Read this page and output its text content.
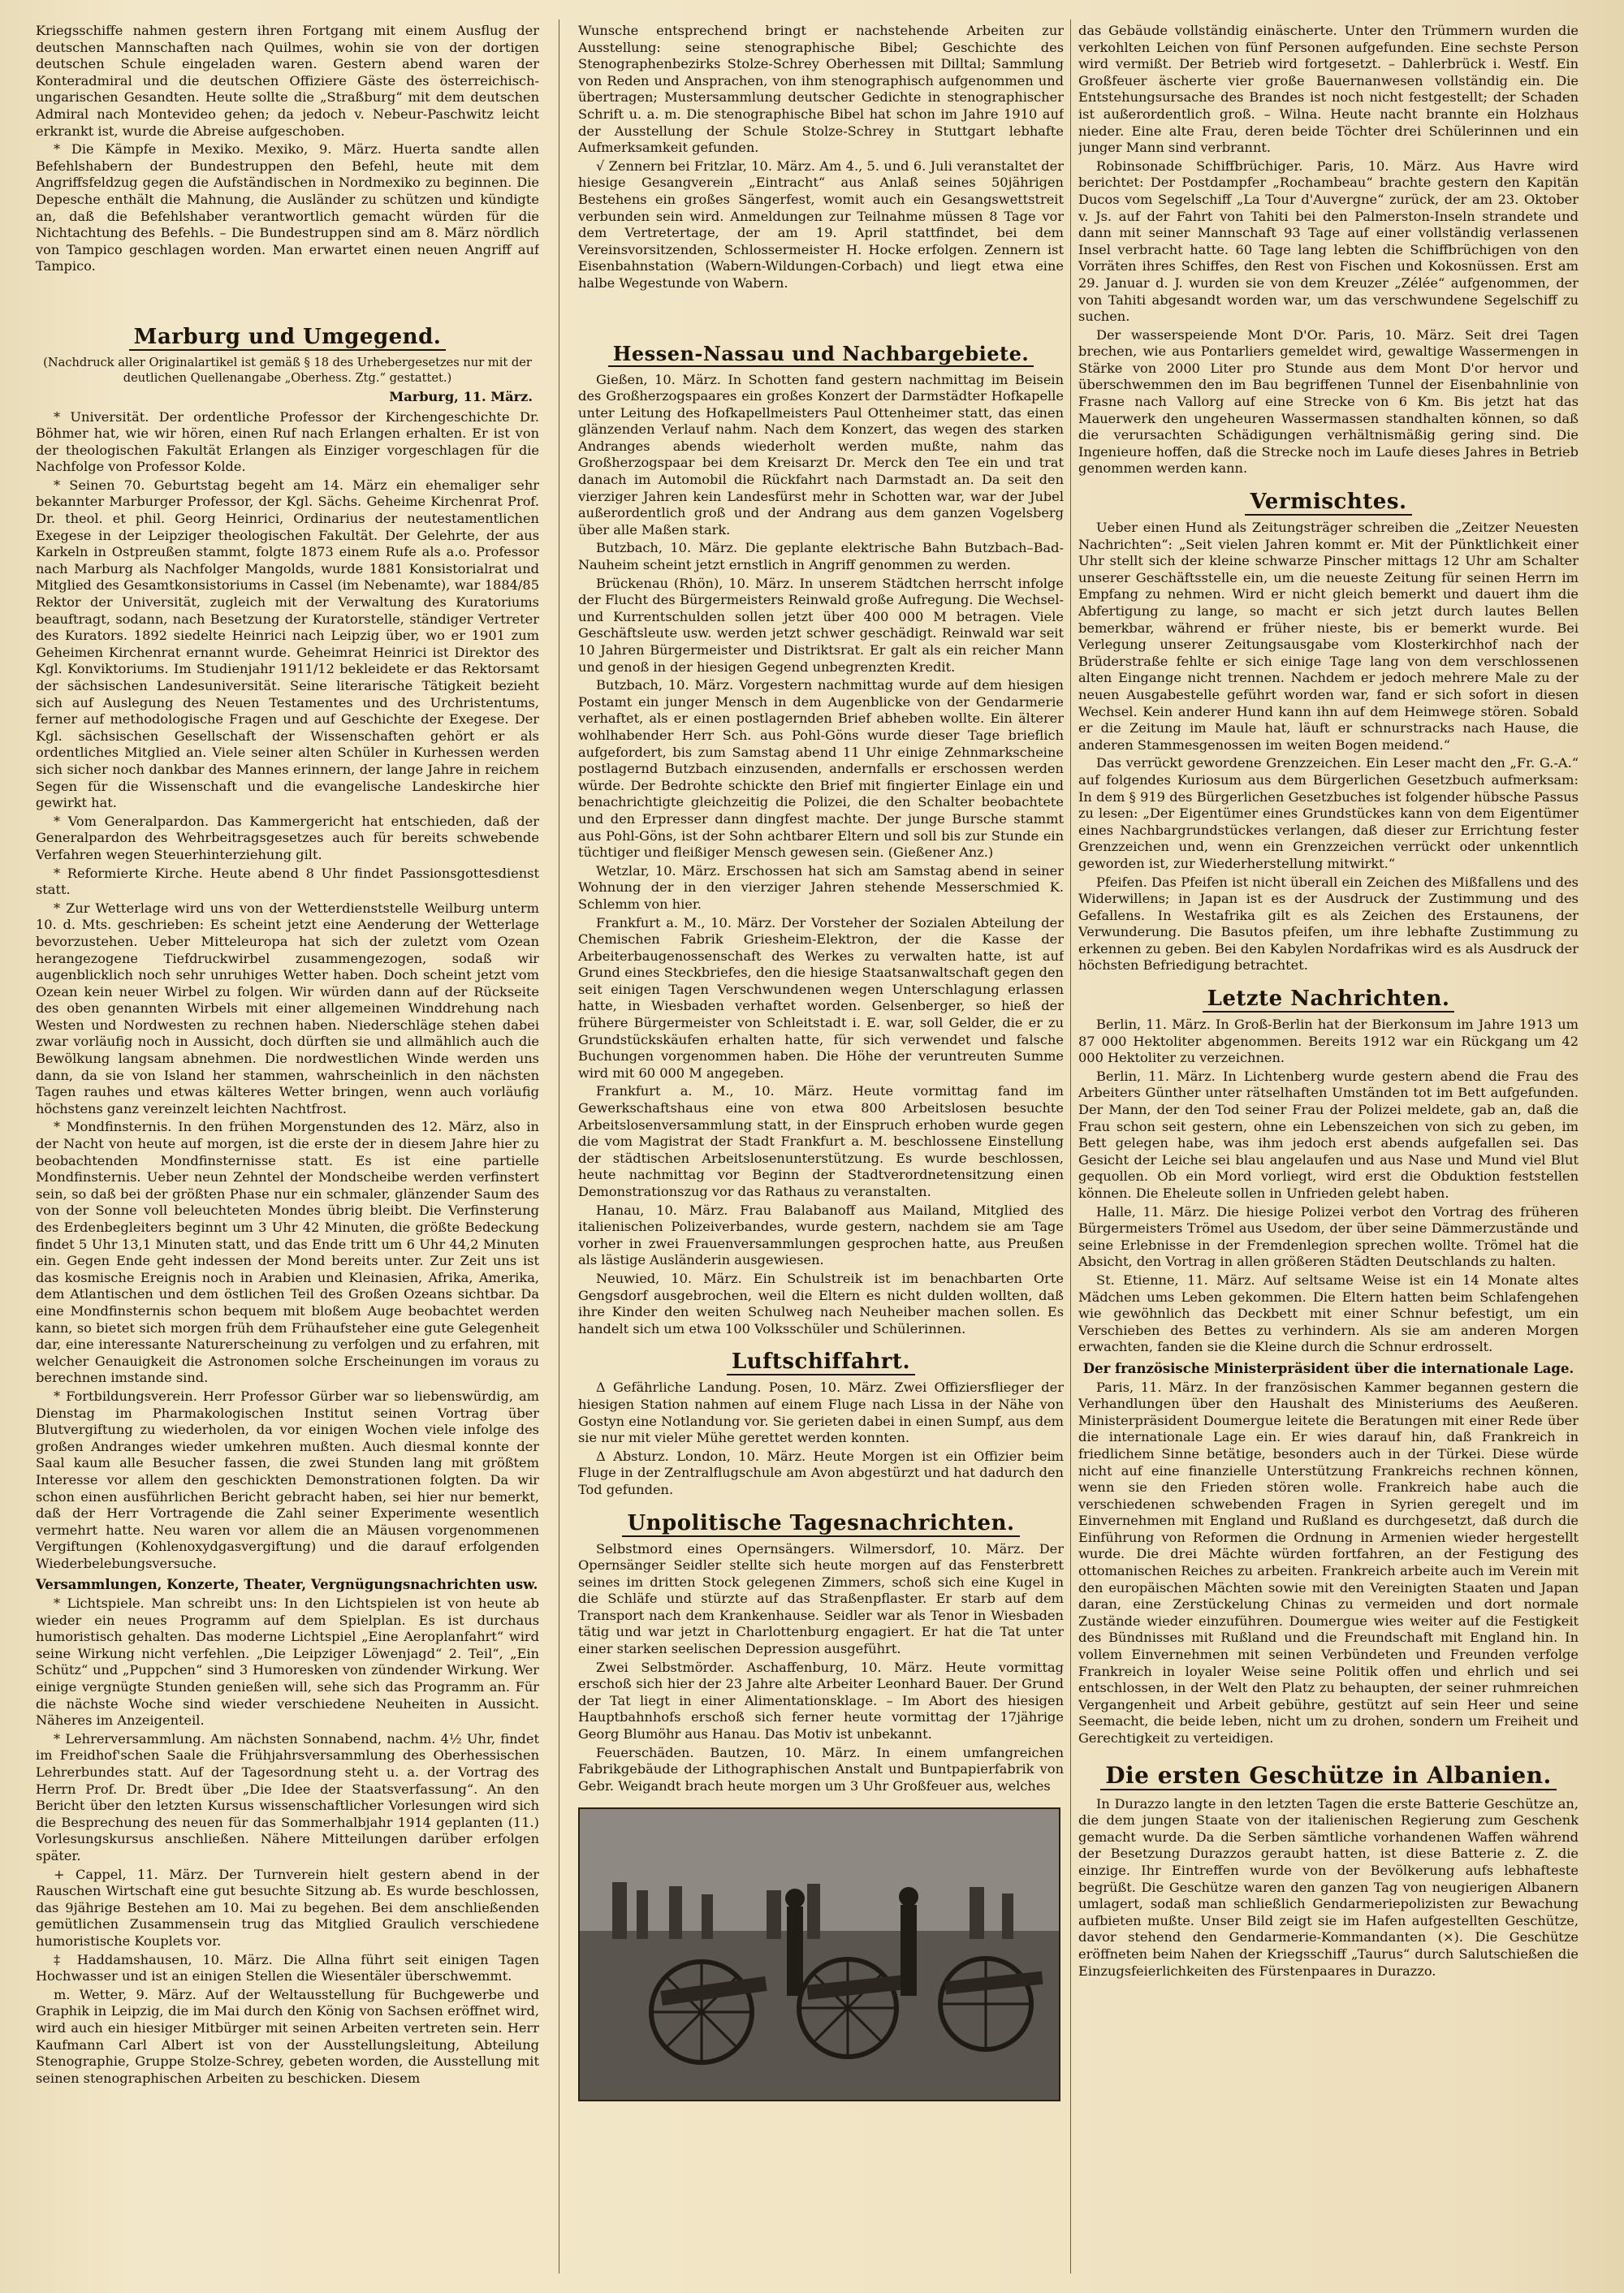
Kriegsschiffe nahmen gestern ihren Fortgang mit einem Ausflug der deutschen Mannschaften nach Quilmes, wohin sie von der dortigen deutschen Schule eingeladen waren. Gestern abend waren der Konteradmiral und die deutschen Offiziere Gäste des österreichisch-ungarischen Gesandten. Heute sollte die „Straßburg“ mit dem deutschen Admiral nach Montevideo gehen; da jedoch v. Nebeur-Paschwitz leicht erkrankt ist, wurde die Abreise aufgeschoben.

* Die Kämpfe in Mexiko. Mexiko, 9. März. Huerta sandte allen Befehlshabern der Bundestruppen den Befehl, heute mit dem Angriffsfeldzug gegen die Aufständischen in Nordmexiko zu beginnen. Die Depesche enthält die Mahnung, die Ausländer zu schützen und kündigte an, daß die Befehlshaber verantwortlich gemacht würden für die Nichtachtung des Befehls. – Die Bundestruppen sind am 8. März nördlich von Tampico geschlagen worden. Man erwartet einen neuen Angriff auf Tampico.

Marburg und Umgegend.

(Nachdruck aller Originalartikel ist gemäß § 18 des Urhebergesetzes nur mit der deutlichen Quellenangabe „Oberhess. Ztg.“ gestattet.)

Marburg, 11. März.

* Universität. Der ordentliche Professor der Kirchengeschichte Dr. Böhmer hat, wie wir hören, einen Ruf nach Erlangen erhalten. Er ist von der theologischen Fakultät Erlangen als Einziger vorgeschlagen für die Nachfolge von Professor Kolde.

* Seinen 70. Geburtstag begeht am 14. März ein ehemaliger sehr bekannter Marburger Professor, der Kgl. Sächs. Geheime Kirchenrat Prof. Dr. theol. et phil. Georg Heinrici, Ordinarius der neutestamentlichen Exegese in der Leipziger theologischen Fakultät. Der Gelehrte, der aus Karkeln in Ostpreußen stammt, folgte 1873 einem Rufe als a.o. Professor nach Marburg als Nachfolger Mangolds, wurde 1881 Konsistorialrat und Mitglied des Gesamtkonsistoriums in Cassel (im Nebenamte), war 1884/85 Rektor der Universität, zugleich mit der Verwaltung des Kuratoriums beauftragt, sodann, nach Besetzung der Kuratorstelle, ständiger Vertreter des Kurators. 1892 siedelte Heinrici nach Leipzig über, wo er 1901 zum Geheimen Kirchenrat ernannt wurde. Geheimrat Heinrici ist Direktor des Kgl. Konviktoriums. Im Studienjahr 1911/12 bekleidete er das Rektorsamt der sächsischen Landesuniversität. Seine literarische Tätigkeit bezieht sich auf Auslegung des Neuen Testamentes und des Urchristentums, ferner auf methodologische Fragen und auf Geschichte der Exegese. Der Kgl. sächsischen Gesellschaft der Wissenschaften gehört er als ordentliches Mitglied an. Viele seiner alten Schüler in Kurhessen werden sich sicher noch dankbar des Mannes erinnern, der lange Jahre in reichem Segen für die Wissenschaft und die evangelische Landeskirche hier gewirkt hat.

* Vom Generalpardon. Das Kammergericht hat entschieden, daß der Generalpardon des Wehrbeitragsgesetzes auch für bereits schwebende Verfahren wegen Steuerhinterziehung gilt.

* Reformierte Kirche. Heute abend 8 Uhr findet Passionsgottesdienst statt.

* Zur Wetterlage wird uns von der Wetterdienststelle Weilburg unterm 10. d. Mts. geschrieben: Es scheint jetzt eine Aenderung der Wetterlage bevorzustehen. Ueber Mitteleuropa hat sich der zuletzt vom Ozean herangezogene Tiefdruckwirbel zusammengezogen, sodaß wir augenblicklich noch sehr unruhiges Wetter haben. Doch scheint jetzt vom Ozean kein neuer Wirbel zu folgen. Wir würden dann auf der Rückseite des oben genannten Wirbels mit einer allgemeinen Winddrehung nach Westen und Nordwesten zu rechnen haben. Niederschläge stehen dabei zwar vorläufig noch in Aussicht, doch dürften sie und allmählich auch die Bewölkung langsam abnehmen. Die nordwestlichen Winde werden uns dann, da sie von Island her stammen, wahrscheinlich in den nächsten Tagen rauhes und etwas kälteres Wetter bringen, wenn auch vorläufig höchstens ganz vereinzelt leichten Nachtfrost.

* Mondfinsternis. In den frühen Morgenstunden des 12. März, also in der Nacht von heute auf morgen, ist die erste der in diesem Jahre hier zu beobachtenden Mondfinsternisse statt. Es ist eine partielle Mondfinsternis. Ueber neun Zehntel der Mondscheibe werden verfinstert sein, so daß bei der größten Phase nur ein schmaler, glänzender Saum des von der Sonne voll beleuchteten Mondes übrig bleibt. Die Verfinsterung des Erdenbegleiters beginnt um 3 Uhr 42 Minuten, die größte Bedeckung findet 5 Uhr 13,1 Minuten statt, und das Ende tritt um 6 Uhr 44,2 Minuten ein. Gegen Ende geht indessen der Mond bereits unter. Zur Zeit uns ist das kosmische Ereignis noch in Arabien und Kleinasien, Afrika, Amerika, dem Atlantischen und dem östlichen Teil des Großen Ozeans sichtbar. Da eine Mondfinsternis schon bequem mit bloßem Auge beobachtet werden kann, so bietet sich morgen früh dem Frühaufsteher eine gute Gelegenheit dar, eine interessante Naturerscheinung zu verfolgen und zu erfahren, mit welcher Genauigkeit die Astronomen solche Erscheinungen im voraus zu berechnen imstande sind.

* Fortbildungsverein. Herr Professor Gürber war so liebenswürdig, am Dienstag im Pharmakologischen Institut seinen Vortrag über Blutvergiftung zu wiederholen, da vor einigen Wochen viele infolge des großen Andranges wieder umkehren mußten. Auch diesmal konnte der Saal kaum alle Besucher fassen, die zwei Stunden lang mit größtem Interesse vor allem den geschickten Demonstrationen folgten. Da wir schon einen ausführlichen Bericht gebracht haben, sei hier nur bemerkt, daß der Herr Vortragende die Zahl seiner Experimente wesentlich vermehrt hatte. Neu waren vor allem die an Mäusen vorgenommenen Vergiftungen (Kohlenoxydgasvergiftung) und die darauf erfolgenden Wiederbelebungsversuche.

Versammlungen, Konzerte, Theater, Vergnügungsnachrichten usw.

* Lichtspiele. Man schreibt uns: In den Lichtspielen ist von heute ab wieder ein neues Programm auf dem Spielplan. Es ist durchaus humoristisch gehalten. Das moderne Lichtspiel „Eine Aeroplanfahrt“ wird seine Wirkung nicht verfehlen. „Die Leipziger Löwenjagd“ 2. Teil“, „Ein Schütz“ und „Puppchen“ sind 3 Humoresken von zündender Wirkung. Wer einige vergnügte Stunden genießen will, sehe sich das Programm an. Für die nächste Woche sind wieder verschiedene Neuheiten in Aussicht. Näheres im Anzeigenteil.

* Lehrerversammlung. Am nächsten Sonnabend, nachm. 4½ Uhr, findet im Freidhof'schen Saale die Frühjahrsversammlung des Oberhessischen Lehrerbundes statt. Auf der Tagesordnung steht u. a. der Vortrag des Herrn Prof. Dr. Bredt über „Die Idee der Staatsverfassung“. An den Bericht über den letzten Kursus wissenschaftlicher Vorlesungen wird sich die Besprechung des neuen für das Sommerhalbjahr 1914 geplanten (11.) Vorlesungskursus anschließen. Nähere Mitteilungen darüber erfolgen später.

+ Cappel, 11. März. Der Turnverein hielt gestern abend in der Rauschen Wirtschaft eine gut besuchte Sitzung ab. Es wurde beschlossen, das 9jährige Bestehen am 10. Mai zu begehen. Bei dem anschließenden gemütlichen Zusammensein trug das Mitglied Graulich verschiedene humoristische Kouplets vor.

‡ Haddamshausen, 10. März. Die Allna führt seit einigen Tagen Hochwasser und ist an einigen Stellen die Wiesentäler überschwemmt.

m. Wetter, 9. März. Auf der Weltausstellung für Buchgewerbe und Graphik in Leipzig, die im Mai durch den König von Sachsen eröffnet wird, wird auch ein hiesiger Mitbürger mit seinen Arbeiten vertreten sein. Herr Kaufmann Carl Albert ist von der Ausstellungsleitung, Abteilung Stenographie, Gruppe Stolze-Schrey, gebeten worden, die Ausstellung mit seinen stenographischen Arbeiten zu beschicken. Diesem

Wunsche entsprechend bringt er nachstehende Arbeiten zur Ausstellung: seine stenographische Bibel; Geschichte des Stenographenbezirks Stolze-Schrey Oberhessen mit Dilltal; Sammlung von Reden und Ansprachen, von ihm stenographisch aufgenommen und übertragen; Mustersammlung deutscher Gedichte in stenographischer Schrift u. a. m. Die stenographische Bibel hat schon im Jahre 1910 auf der Ausstellung der Schule Stolze-Schrey in Stuttgart lebhafte Aufmerksamkeit gefunden.

√ Zennern bei Fritzlar, 10. März. Am 4., 5. und 6. Juli veranstaltet der hiesige Gesangverein „Eintracht“ aus Anlaß seines 50jährigen Bestehens ein großes Sängerfest, womit auch ein Gesangswettstreit verbunden sein wird. Anmeldungen zur Teilnahme müssen 8 Tage vor dem Vertretertage, der am 19. April stattfindet, bei dem Vereinsvorsitzenden, Schlossermeister H. Hocke erfolgen. Zennern ist Eisenbahnstation (Wabern-Wildungen-Corbach) und liegt etwa eine halbe Wegestunde von Wabern.

Hessen-Nassau und Nachbargebiete.

Gießen, 10. März. In Schotten fand gestern nachmittag im Beisein des Großherzogspaares ein großes Konzert der Darmstädter Hofkapelle unter Leitung des Hofkapellmeisters Paul Ottenheimer statt, das einen glänzenden Verlauf nahm. Nach dem Konzert, das wegen des starken Andranges abends wiederholt werden mußte, nahm das Großherzogspaar bei dem Kreisarzt Dr. Merck den Tee ein und trat danach im Automobil die Rückfahrt nach Darmstadt an. Da seit den vierziger Jahren kein Landesfürst mehr in Schotten war, war der Jubel außerordentlich groß und der Andrang aus dem ganzen Vogelsberg über alle Maßen stark.

Butzbach, 10. März. Die geplante elektrische Bahn Butzbach–Bad-Nauheim scheint jetzt ernstlich in Angriff genommen zu werden.

Brückenau (Rhön), 10. März. In unserem Städtchen herrscht infolge der Flucht des Bürgermeisters Reinwald große Aufregung. Die Wechsel- und Kurrentschulden sollen jetzt über 400 000 M betragen. Viele Geschäftsleute usw. werden jetzt schwer geschädigt. Reinwald war seit 10 Jahren Bürgermeister und Distriktsrat. Er galt als ein reicher Mann und genoß in der hiesigen Gegend unbegrenzten Kredit.

Butzbach, 10. März. Vorgestern nachmittag wurde auf dem hiesigen Postamt ein junger Mensch in dem Augenblicke von der Gendarmerie verhaftet, als er einen postlagernden Brief abheben wollte. Ein älterer wohlhabender Herr Sch. aus Pohl-Göns wurde dieser Tage brieflich aufgefordert, bis zum Samstag abend 11 Uhr einige Zehnmarkscheine postlagernd Butzbach einzusenden, andernfalls er erschossen werden würde. Der Bedrohte schickte den Brief mit fingierter Einlage ein und benachrichtigte gleichzeitig die Polizei, die den Schalter beobachtete und den Erpresser dann dingfest machte. Der junge Bursche stammt aus Pohl-Göns, ist der Sohn achtbarer Eltern und soll bis zur Stunde ein tüchtiger und fleißiger Mensch gewesen sein. (Gießener Anz.)

Wetzlar, 10. März. Erschossen hat sich am Samstag abend in seiner Wohnung der in den vierziger Jahren stehende Messerschmied K. Schlemm von hier.

Frankfurt a. M., 10. März. Der Vorsteher der Sozialen Abteilung der Chemischen Fabrik Griesheim-Elektron, der die Kasse der Arbeiterbaugenossenschaft des Werkes zu verwalten hatte, ist auf Grund eines Steckbriefes, den die hiesige Staatsanwaltschaft gegen den seit einigen Tagen Verschwundenen wegen Unterschlagung erlassen hatte, in Wiesbaden verhaftet worden. Gelsenberger, so hieß der frühere Bürgermeister von Schleitstadt i. E. war, soll Gelder, die er zu Grundstückskäufen erhalten hatte, für sich verwendet und falsche Buchungen vorgenommen haben. Die Höhe der veruntreuten Summe wird mit 60 000 M angegeben.

Frankfurt a. M., 10. März. Heute vormittag fand im Gewerkschaftshaus eine von etwa 800 Arbeitslosen besuchte Arbeitslosenversammlung statt, in der Einspruch erhoben wurde gegen die vom Magistrat der Stadt Frankfurt a. M. beschlossene Einstellung der städtischen Arbeitslosenunterstützung. Es wurde beschlossen, heute nachmittag vor Beginn der Stadtverordnetensitzung einen Demonstrationszug vor das Rathaus zu veranstalten.

Hanau, 10. März. Frau Balabanoff aus Mailand, Mitglied des italienischen Polizeiverbandes, wurde gestern, nachdem sie am Tage vorher in zwei Frauenversammlungen gesprochen hatte, aus Preußen als lästige Ausländerin ausgewiesen.

Neuwied, 10. März. Ein Schulstreik ist im benachbarten Orte Gengsdorf ausgebrochen, weil die Eltern es nicht dulden wollten, daß ihre Kinder den weiten Schulweg nach Neuheiber machen sollen. Es handelt sich um etwa 100 Volksschüler und Schülerinnen.

Luftschiffahrt.

Δ Gefährliche Landung. Posen, 10. März. Zwei Offiziersflieger der hiesigen Station nahmen auf einem Fluge nach Lissa in der Nähe von Gostyn eine Notlandung vor. Sie gerieten dabei in einen Sumpf, aus dem sie nur mit vieler Mühe gerettet werden konnten.

Δ Absturz. London, 10. März. Heute Morgen ist ein Offizier beim Fluge in der Zentralflugschule am Avon abgestürzt und hat dadurch den Tod gefunden.

Unpolitische Tagesnachrichten.

Selbstmord eines Opernsängers. Wilmersdorf, 10. März. Der Opernsänger Seidler stellte sich heute morgen auf das Fensterbrett seines im dritten Stock gelegenen Zimmers, schoß sich eine Kugel in die Schläfe und stürzte auf das Straßenpflaster. Er starb auf dem Transport nach dem Krankenhause. Seidler war als Tenor in Wiesbaden tätig und war jetzt in Charlottenburg engagiert. Er hat die Tat unter einer starken seelischen Depression ausgeführt.

Zwei Selbstmörder. Aschaffenburg, 10. März. Heute vormittag erschoß sich hier der 23 Jahre alte Arbeiter Leonhard Bauer. Der Grund der Tat liegt in einer Alimentationsklage. – Im Abort des hiesigen Hauptbahnhofs erschoß sich ferner heute vormittag der 17jährige Georg Blumöhr aus Hanau. Das Motiv ist unbekannt.

Feuerschäden. Bautzen, 10. März. In einem umfangreichen Fabrikgebäude der Lithographischen Anstalt und Buntpapierfabrik von Gebr. Weigandt brach heute morgen um 3 Uhr Großfeuer aus, welches

das Gebäude vollständig einäscherte. Unter den Trümmern wurden die verkohlten Leichen von fünf Personen aufgefunden. Eine sechste Person wird vermißt. Der Betrieb wird fortgesetzt. – Dahlerbrück i. Westf. Ein Großfeuer äscherte vier große Bauernanwesen vollständig ein. Die Entstehungsursache des Brandes ist noch nicht festgestellt; der Schaden ist außerordentlich groß. – Wilna. Heute nacht brannte ein Holzhaus nieder. Eine alte Frau, deren beide Töchter drei Schülerinnen und ein junger Mann sind verbrannt.

Robinsonade Schiffbrüchiger. Paris, 10. März. Aus Havre wird berichtet: Der Postdampfer „Rochambeau“ brachte gestern den Kapitän Ducos vom Segelschiff „La Tour d'Auvergne“ zurück, der am 23. Oktober v. Js. auf der Fahrt von Tahiti bei den Palmerston-Inseln strandete und dann mit seiner Mannschaft 93 Tage auf einer vollständig verlassenen Insel verbracht hatte. 60 Tage lang lebten die Schiffbrüchigen von den Vorräten ihres Schiffes, den Rest von Fischen und Kokosnüssen. Erst am 29. Januar d. J. wurden sie von dem Kreuzer „Zélée“ aufgenommen, der von Tahiti abgesandt worden war, um das verschwundene Segelschiff zu suchen.

Der wasserspeiende Mont D'Or. Paris, 10. März. Seit drei Tagen brechen, wie aus Pontarliers gemeldet wird, gewaltige Wassermengen in Stärke von 2000 Liter pro Stunde aus dem Mont D'or hervor und überschwemmen den im Bau begriffenen Tunnel der Eisenbahnlinie von Frasne nach Vallorg auf eine Strecke von 6 Km. Bis jetzt hat das Mauerwerk den ungeheuren Wassermassen standhalten können, so daß die verursachten Schädigungen verhältnismäßig gering sind. Die Ingenieure hoffen, daß die Strecke noch im Laufe dieses Jahres in Betrieb genommen werden kann.

Vermischtes.

Ueber einen Hund als Zeitungsträger schreiben die „Zeitzer Neuesten Nachrichten“: „Seit vielen Jahren kommt er. Mit der Pünktlichkeit einer Uhr stellt sich der kleine schwarze Pinscher mittags 12 Uhr am Schalter unserer Geschäftsstelle ein, um die neueste Zeitung für seinen Herrn im Empfang zu nehmen. Wird er nicht gleich bemerkt und dauert ihm die Abfertigung zu lange, so macht er sich jetzt durch lautes Bellen bemerkbar, während er früher nieste, bis er bemerkt wurde. Bei Verlegung unserer Zeitungsausgabe vom Klosterkirchhof nach der Brüderstraße fehlte er sich einige Tage lang von dem verschlossenen alten Eingange nicht trennen. Nachdem er jedoch mehrere Male zu der neuen Ausgabestelle geführt worden war, fand er sich sofort in diesen Wechsel. Kein anderer Hund kann ihn auf dem Heimwege stören. Sobald er die Zeitung im Maule hat, läuft er schnurstracks nach Hause, die anderen Stammesgenossen im weiten Bogen meidend.“

Das verrückt gewordene Grenzzeichen. Ein Leser macht den „Fr. G.-A.“ auf folgendes Kuriosum aus dem Bürgerlichen Gesetzbuch aufmerksam: In dem § 919 des Bürgerlichen Gesetzbuches ist folgender hübsche Passus zu lesen: „Der Eigentümer eines Grundstückes kann von dem Eigentümer eines Nachbargrundstückes verlangen, daß dieser zur Errichtung fester Grenzzeichen und, wenn ein Grenzzeichen verrückt oder unkenntlich geworden ist, zur Wiederherstellung mitwirkt.“

Pfeifen. Das Pfeifen ist nicht überall ein Zeichen des Mißfallens und des Widerwillens; in Japan ist es der Ausdruck der Zustimmung und des Gefallens. In Westafrika gilt es als Zeichen des Erstaunens, der Verwunderung. Die Basutos pfeifen, um ihre lebhafte Zustimmung zu erkennen zu geben. Bei den Kabylen Nordafrikas wird es als Ausdruck der höchsten Befriedigung betrachtet.

Letzte Nachrichten.

Berlin, 11. März. In Groß-Berlin hat der Bierkonsum im Jahre 1913 um 87 000 Hektoliter abgenommen. Bereits 1912 war ein Rückgang um 42 000 Hektoliter zu verzeichnen.

Berlin, 11. März. In Lichtenberg wurde gestern abend die Frau des Arbeiters Günther unter rätselhaften Umständen tot im Bett aufgefunden. Der Mann, der den Tod seiner Frau der Polizei meldete, gab an, daß die Frau schon seit gestern, ohne ein Lebenszeichen von sich zu geben, im Bett gelegen habe, was ihm jedoch erst abends aufgefallen sei. Das Gesicht der Leiche sei blau angelaufen und aus Nase und Mund viel Blut gequollen. Ob ein Mord vorliegt, wird erst die Obduktion feststellen können. Die Eheleute sollen in Unfrieden gelebt haben.

Halle, 11. März. Die hiesige Polizei verbot den Vortrag des früheren Bürgermeisters Trömel aus Usedom, der über seine Dämmerzustände und seine Erlebnisse in der Fremdenlegion sprechen wollte. Trömel hat die Absicht, den Vortrag in allen größeren Städten Deutschlands zu halten.

St. Etienne, 11. März. Auf seltsame Weise ist ein 14 Monate altes Mädchen ums Leben gekommen. Die Eltern hatten beim Schlafengehen wie gewöhnlich das Deckbett mit einer Schnur befestigt, um ein Verschieben des Bettes zu verhindern. Als sie am anderen Morgen erwachten, fanden sie die Kleine durch die Schnur erdrosselt.

Der französische Ministerpräsident über die internationale Lage.

Paris, 11. März. In der französischen Kammer begannen gestern die Verhandlungen über den Haushalt des Ministeriums des Aeußeren. Ministerpräsident Doumergue leitete die Beratungen mit einer Rede über die internationale Lage ein. Er wies darauf hin, daß Frankreich in friedlichem Sinne betätige, besonders auch in der Türkei. Diese würde nicht auf eine finanzielle Unterstützung Frankreichs rechnen können, wenn sie den Frieden stören wolle. Frankreich habe auch die verschiedenen schwebenden Fragen in Syrien geregelt und im Einvernehmen mit England und Rußland es durchgesetzt, daß durch die Einführung von Reformen die Ordnung in Armenien wieder hergestellt wurde. Die drei Mächte würden fortfahren, an der Festigung des ottomanischen Reiches zu arbeiten. Frankreich arbeite auch im Verein mit den europäischen Mächten sowie mit den Vereinigten Staaten und Japan daran, eine Zerstückelung Chinas zu vermeiden und dort normale Zustände wieder einzuführen. Doumergue wies weiter auf die Festigkeit des Bündnisses mit Rußland und die Freundschaft mit England hin. In vollem Einvernehmen mit seinen Verbündeten und Freunden verfolge Frankreich in loyaler Weise seine Politik offen und ehrlich und sei entschlossen, in der Welt den Platz zu behaupten, der seiner ruhmreichen Vergangenheit und Arbeit gebühre, gestützt auf sein Heer und seine Seemacht, die beide leben, nicht um zu drohen, sondern um Freiheit und Gerechtigkeit zu verteidigen.

Die ersten Geschütze in Albanien.

In Durazzo langte in den letzten Tagen die erste Batterie Geschütze an, die dem jungen Staate von der italienischen Regierung zum Geschenk gemacht wurde. Da die Serben sämtliche vorhandenen Waffen während der Besetzung Durazzos geraubt hatten, ist diese Batterie z. Z. die einzige. Ihr Eintreffen wurde von der Bevölkerung aufs lebhafteste begrüßt. Die Geschütze waren den ganzen Tag von neugierigen Albanern umlagert, sodaß man schließlich Gendarmeriepolizisten zur Bewachung aufbieten mußte. Unser Bild zeigt sie im Hafen aufgestellten Geschütze, davor stehend den Gendarmerie-Kommandanten (×). Die Geschütze eröffneten beim Nahen der Kriegsschiff „Taurus“ durch Salutschießen die Einzugsfeierlichkeiten des Fürstenpaares in Durazzo.
